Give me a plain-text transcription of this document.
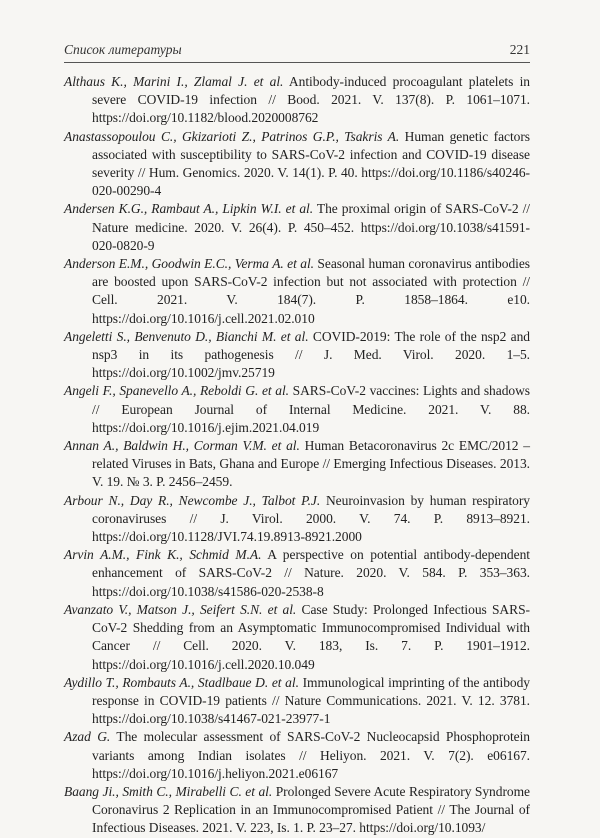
Список литературы	221

Althaus K., Marini I., Zlamal J. et al. Antibody-induced procoagulant platelets in severe COVID-19 infection // Bood. 2021. V. 137(8). P. 1061–1071. https://doi.org/10.1182/blood.2020008762

Anastassopoulou C., Gkizarioti Z., Patrinos G.P., Tsakris A. Human genetic factors associated with susceptibility to SARS-CoV-2 infection and COVID-19 disease severity // Hum. Genomics. 2020. V. 14(1). P. 40. https://doi.org/10.1186/s40246-020-00290-4

Andersen K.G., Rambaut A., Lipkin W.I. et al. The proximal origin of SARS-CoV-2 // Nature medicine. 2020. V. 26(4). P. 450–452. https://doi.org/10.1038/s41591-020-0820-9

Anderson E.M., Goodwin E.C., Verma A. et al. Seasonal human coronavirus antibodies are boosted upon SARS-CoV-2 infection but not associated with protection // Cell. 2021. V. 184(7). P. 1858–1864. e10. https://doi.org/10.1016/j.cell.2021.02.010

Angeletti S., Benvenuto D., Bianchi M. et al. COVID-2019: The role of the nsp2 and nsp3 in its pathogenesis // J. Med. Virol. 2020. 1–5. https://doi.org/10.1002/jmv.25719

Angeli F., Spanevello A., Reboldi G. et al. SARS-CoV-2 vaccines: Lights and shadows // European Journal of Internal Medicine. 2021. V. 88. https://doi.org/10.1016/j.ejim.2021.04.019

Annan A., Baldwin H., Corman V.M. et al. Human Betacoronavirus 2c EMC/2012 – related Viruses in Bats, Ghana and Europe // Emerging Infectious Diseases. 2013. V. 19. № 3. P. 2456–2459.

Arbour N., Day R., Newcombe J., Talbot P.J. Neuroinvasion by human respiratory coronaviruses // J. Virol. 2000. V. 74. P. 8913–8921. https://doi.org/10.1128/JVI.74.19.8913-8921.2000

Arvin A.M., Fink K., Schmid M.A. A perspective on potential antibody-dependent enhancement of SARS-CoV-2 // Nature. 2020. V. 584. P. 353–363. https://doi.org/10.1038/s41586-020-2538-8

Avanzato V., Matson J., Seifert S.N. et al. Case Study: Prolonged Infectious SARS-CoV-2 Shedding from an Asymptomatic Immunocompromised Individual with Cancer // Cell. 2020. V. 183, Is. 7. P. 1901–1912. https://doi.org/10.1016/j.cell.2020.10.049

Aydillo T., Rombauts A., Stadlbaue D. et al. Immunological imprinting of the antibody response in COVID-19 patients // Nature Communications. 2021. V. 12. 3781. https://doi.org/10.1038/s41467-021-23977-1

Azad G. The molecular assessment of SARS-CoV-2 Nucleocapsid Phosphoprotein variants among Indian isolates // Heliyon. 2021. V. 7(2). e06167. https://doi.org/10.1016/j.heliyon.2021.e06167

Baang Ji., Smith C., Mirabelli C. et al. Prolonged Severe Acute Respiratory Syndrome Coronavirus 2 Replication in an Immunocompromised Patient // The Journal of Infectious Diseases. 2021. V. 223, Is. 1. P. 23–27. https://doi.org/10.1093/
